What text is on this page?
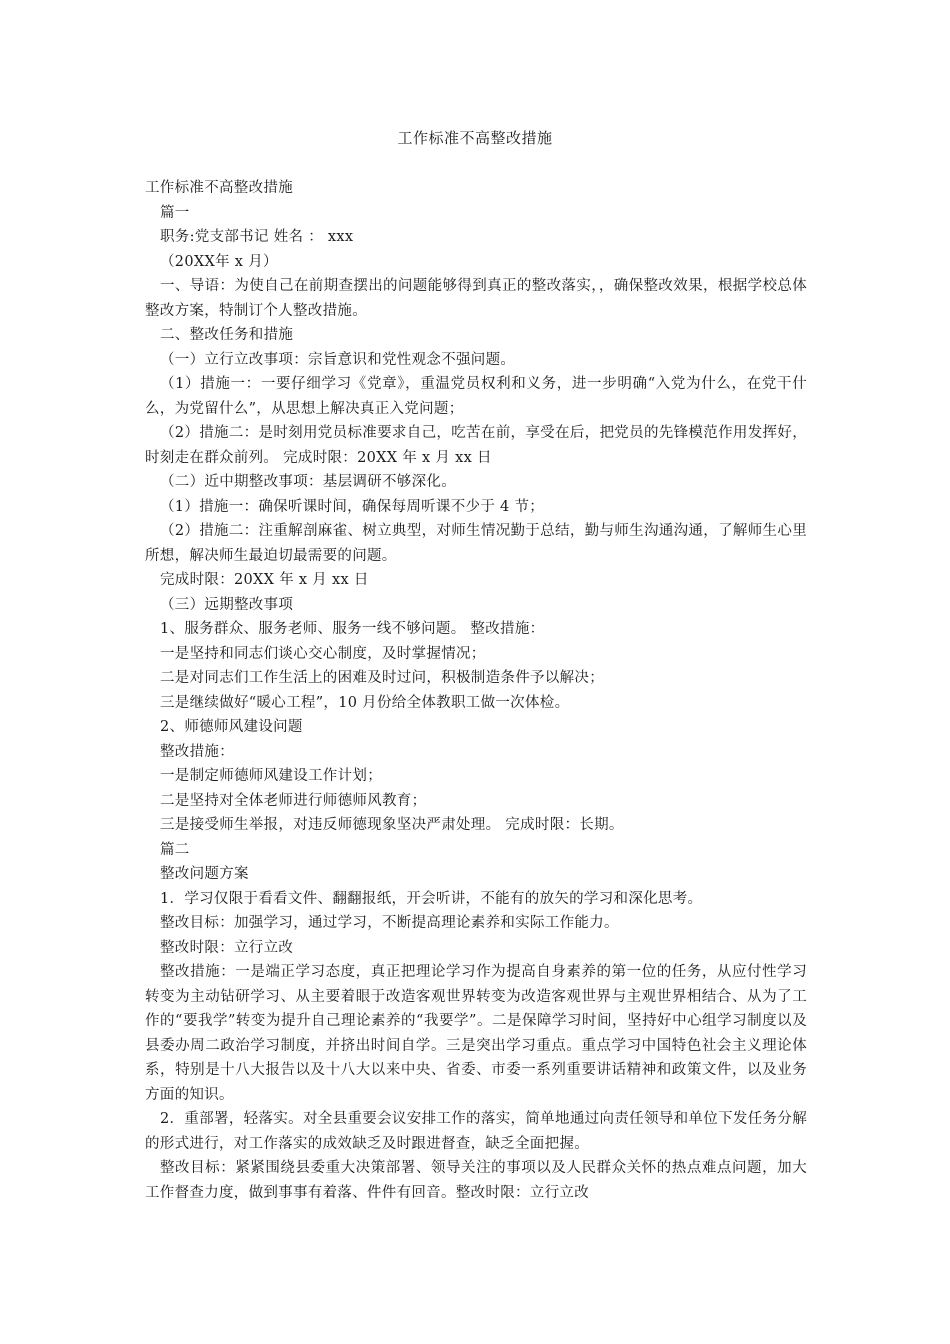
工作标准不高整改措施

工作标准不高整改措施

篇一

职务:党支部书记 姓名 ： xxx

（20XX年 x 月）

一、导语：为使自己在前期查摆出的问题能够得到真正的整改落实，，确保整改效果，根据学校总体整改方案，特制订个人整改措施。

二、整改任务和措施

（一）立行立改事项：宗旨意识和党性观念不强问题。

（1）措施一：一要仔细学习《党章》，重温党员权利和义务，进一步明确“入党为什么，在党干什么，为党留什么”，从思想上解决真正入党问题；

（2）措施二：是时刻用党员标准要求自己，吃苦在前，享受在后，把党员的先锋模范作用发挥好，时刻走在群众前列。 完成时限：20XX 年 x 月 xx 日

（二）近中期整改事项：基层调研不够深化。

（1）措施一：确保听课时间，确保每周听课不少于 4 节；

（2）措施二：注重解剖麻雀、树立典型，对师生情况勤于总结，勤与师生沟通沟通，了解师生心里所想，解决师生最迫切最需要的问题。

完成时限：20XX 年 x 月 xx 日

（三）远期整改事项

1、服务群众、服务老师、服务一线不够问题。 整改措施：

一是坚持和同志们谈心交心制度，及时掌握情况；

二是对同志们工作生活上的困难及时过问，积极制造条件予以解决；

三是继续做好“暖心工程”，10 月份给全体教职工做一次体检。

2、师德师风建设问题

整改措施：

一是制定师德师风建设工作计划；

二是坚持对全体老师进行师德师风教育；

三是接受师生举报，对违反师德现象坚决严肃处理。 完成时限：长期。

篇二

整改问题方案

1．学习仅限于看看文件、翻翻报纸，开会听讲，不能有的放矢的学习和深化思考。

整改目标：加强学习，通过学习，不断提高理论素养和实际工作能力。

整改时限：立行立改

整改措施：一是端正学习态度，真正把理论学习作为提高自身素养的第一位的任务，从应付性学习转变为主动钻研学习、从主要着眼于改造客观世界转变为改造客观世界与主观世界相结合、从为了工作的“要我学”转变为提升自己理论素养的“我要学”。二是保障学习时间，坚持好中心组学习制度以及县委办周二政治学习制度，并挤出时间自学。三是突出学习重点。重点学习中国特色社会主义理论体系，特别是十八大报告以及十八大以来中央、省委、市委一系列重要讲话精神和政策文件，以及业务方面的知识。

2．重部署，轻落实。对全县重要会议安排工作的落实，简单地通过向责任领导和单位下发任务分解的形式进行，对工作落实的成效缺乏及时跟进督查，缺乏全面把握。

整改目标：紧紧围绕县委重大决策部署、领导关注的事项以及人民群众关怀的热点难点问题，加大工作督查力度，做到事事有着落、件件有回音。整改时限：立行立改
